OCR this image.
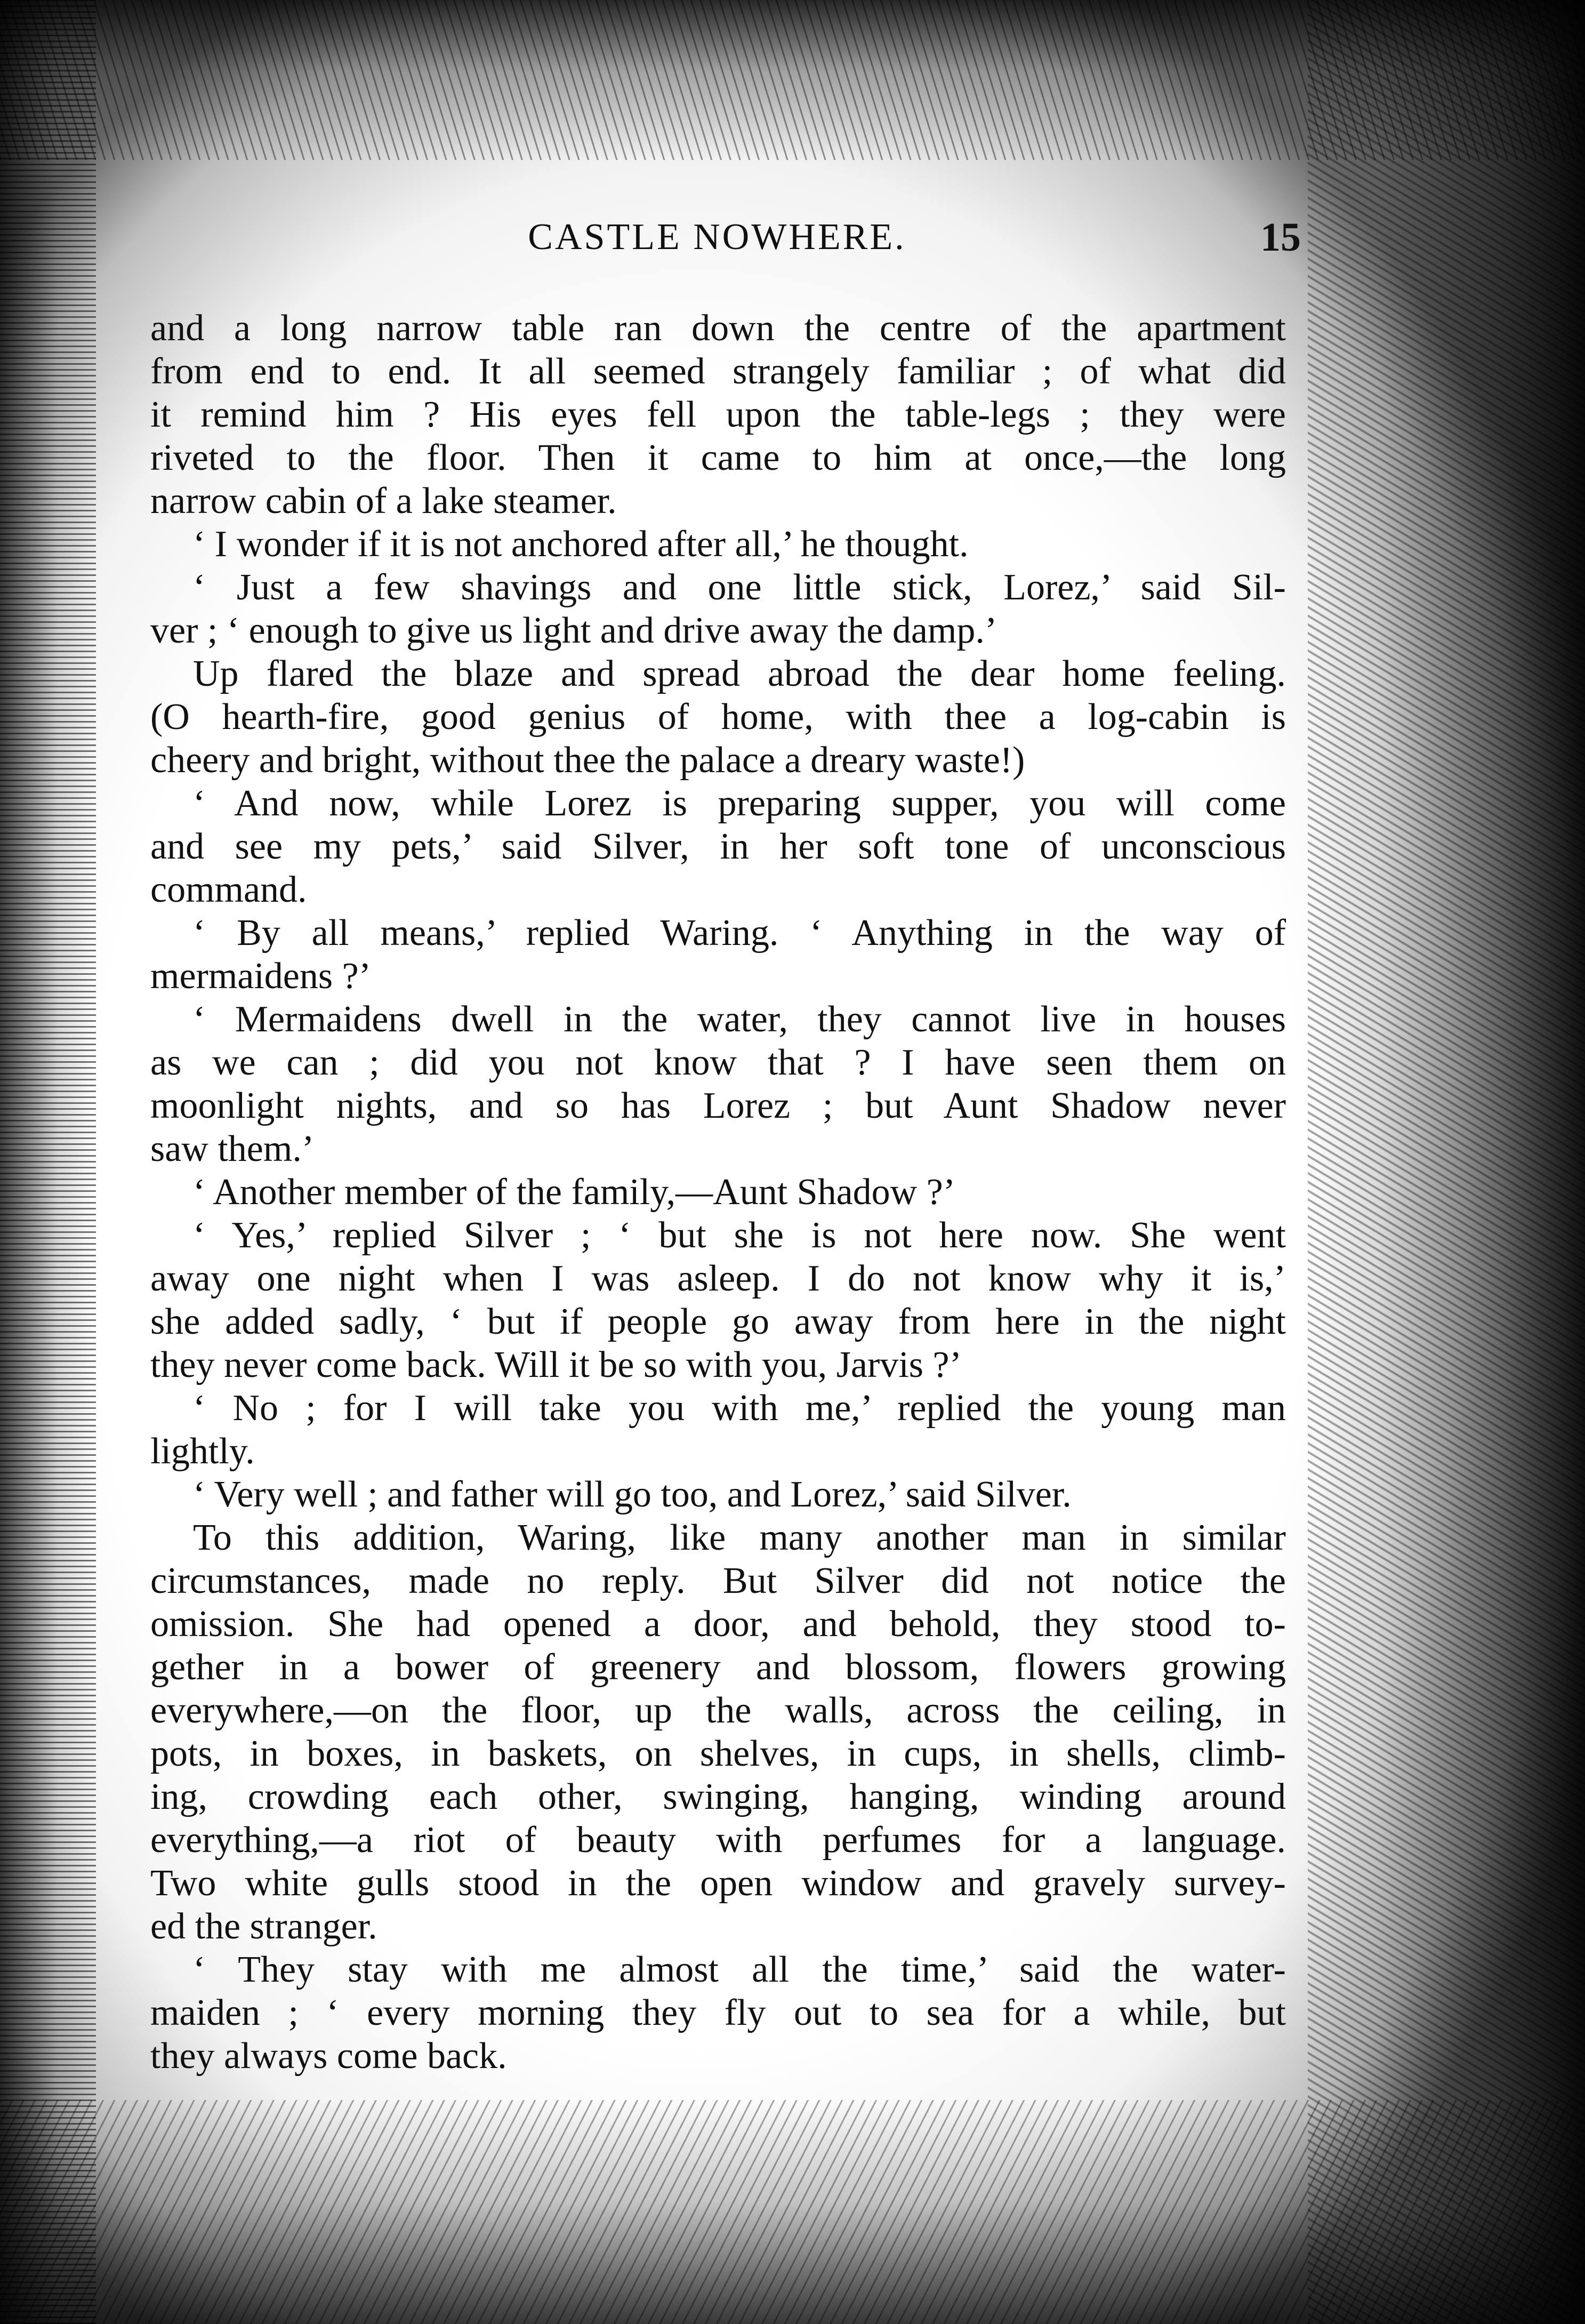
CASTLE NOWHERE.	15
and a long narrow table ran down the centre of the apartment
from end to end. It all seemed strangely familiar ; of what did
it remind him ? His eyes fell upon the table-legs ; they were
riveted to the floor. Then it came to him at once,—the long
narrow cabin of a lake steamer.
‘ I wonder if it is not anchored after all,’ he thought.
‘ Just a few shavings and one little stick, Lorez,’ said Sil-
ver ; ‘ enough to give us light and drive away the damp.’
Up flared the blaze and spread abroad the dear home feeling.
(O hearth-fire, good genius of home, with thee a log-cabin is
cheery and bright, without thee the palace a dreary waste!)
‘ And now, while Lorez is preparing supper, you will come
and see my pets,’ said Silver, in her soft tone of unconscious
command.
‘ By all means,’ replied Waring. ‘ Anything in the way of
mermaidens ?’
‘ Mermaidens dwell in the water, they cannot live in houses
as we can ; did you not know that ? I have seen them on
moonlight nights, and so has Lorez ; but Aunt Shadow never
saw them.’
‘ Another member of the family,—Aunt Shadow ?’
‘ Yes,’ replied Silver ; ‘ but she is not here now. She went
away one night when I was asleep. I do not know why it is,’
she added sadly, ‘ but if people go away from here in the night
they never come back. Will it be so with you, Jarvis ?’
‘ No ; for I will take you with me,’ replied the young man
lightly.
‘ Very well ; and father will go too, and Lorez,’ said Silver.
To this addition, Waring, like many another man in similar
circumstances, made no reply. But Silver did not notice the
omission. She had opened a door, and behold, they stood to-
gether in a bower of greenery and blossom, flowers growing
everywhere,—on the floor, up the walls, across the ceiling, in
pots, in boxes, in baskets, on shelves, in cups, in shells, climb-
ing, crowding each other, swinging, hanging, winding around
everything,—a riot of beauty with perfumes for a language.
Two white gulls stood in the open window and gravely survey-
ed the stranger.
‘ They stay with me almost all the time,’ said the water-
maiden ; ‘ every morning they fly out to sea for a while, but
they always come back.
